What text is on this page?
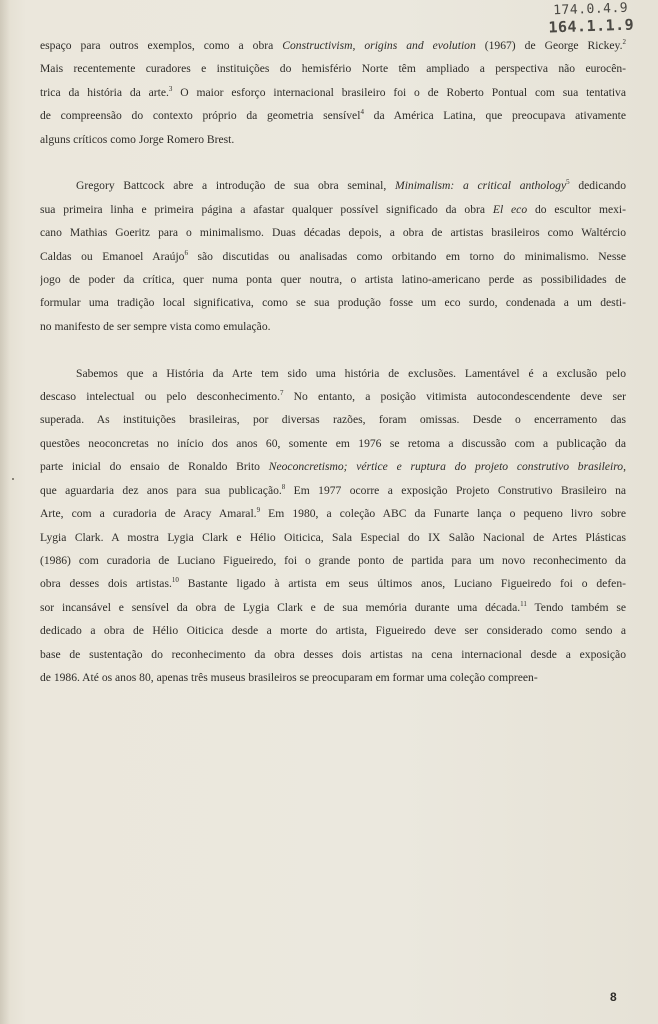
174.0.4.9
164.1.1.9
espaço para outros exemplos, como a obra Constructivism, origins and evolution (1967) de George Rickey.$^2$
Mais recentemente curadores e instituições do hemisfério Norte têm ampliado a perspectiva não eurocên-
trica da história da arte.$^3$ O maior esforço internacional brasileiro foi o de Roberto Pontual com sua tentativa
de compreensão do contexto próprio da geometria sensível$^4$ da América Latina, que preocupava ativamente
alguns críticos como Jorge Romero Brest.
Gregory Battcock abre a introdução de sua obra seminal, Minimalism: a critical anthology$^5$ dedicando
sua primeira linha e primeira página a afastar qualquer possível significado da obra El eco do escultor mexi-
cano Mathias Goeritz para o minimalismo. Duas décadas depois, a obra de artistas brasileiros como Waltércio
Caldas ou Emanoel Araújo$^6$ são discutidas ou analisadas como orbitando em torno do minimalismo. Nesse
jogo de poder da crítica, quer numa ponta quer noutra, o artista latino-americano perde as possibilidades de
formular uma tradição local significativa, como se sua produção fosse um eco surdo, condenada a um desti-
no manifesto de ser sempre vista como emulação.
Sabemos que a História da Arte tem sido uma história de exclusões. Lamentável é a exclusão pelo
descaso intelectual ou pelo desconhecimento.$^7$ No entanto, a posição vitimista autocondescendente deve ser
superada. As instituições brasileiras, por diversas razões, foram omissas. Desde o encerramento das
questões neoconcretas no início dos anos 60, somente em 1976 se retoma a discussão com a publicação da
parte inicial do ensaio de Ronaldo Brito Neoconcretismo; vértice e ruptura do projeto construtivo brasileiro,
que aguardaria dez anos para sua publicação.$^8$ Em 1977 ocorre a exposição Projeto Construtivo Brasileiro na
Arte, com a curadoria de Aracy Amaral.$^9$ Em 1980, a coleção ABC da Funarte lança o pequeno livro sobre
Lygia Clark. A mostra Lygia Clark e Hélio Oiticica, Sala Especial do IX Salão Nacional de Artes Plásticas
(1986) com curadoria de Luciano Figueiredo, foi o grande ponto de partida para um novo reconhecimento da
obra desses dois artistas.$^{10}$ Bastante ligado à artista em seus últimos anos, Luciano Figueiredo foi o defen-
sor incansável e sensível da obra de Lygia Clark e de sua memória durante uma década.$^{11}$ Tendo também se
dedicado a obra de Hélio Oiticica desde a morte do artista, Figueiredo deve ser considerado como sendo a
base de sustentação do reconhecimento da obra desses dois artistas na cena internacional desde a exposição
de 1986. Até os anos 80, apenas três museus brasileiros se preocuparam em formar uma coleção compreen-
8
